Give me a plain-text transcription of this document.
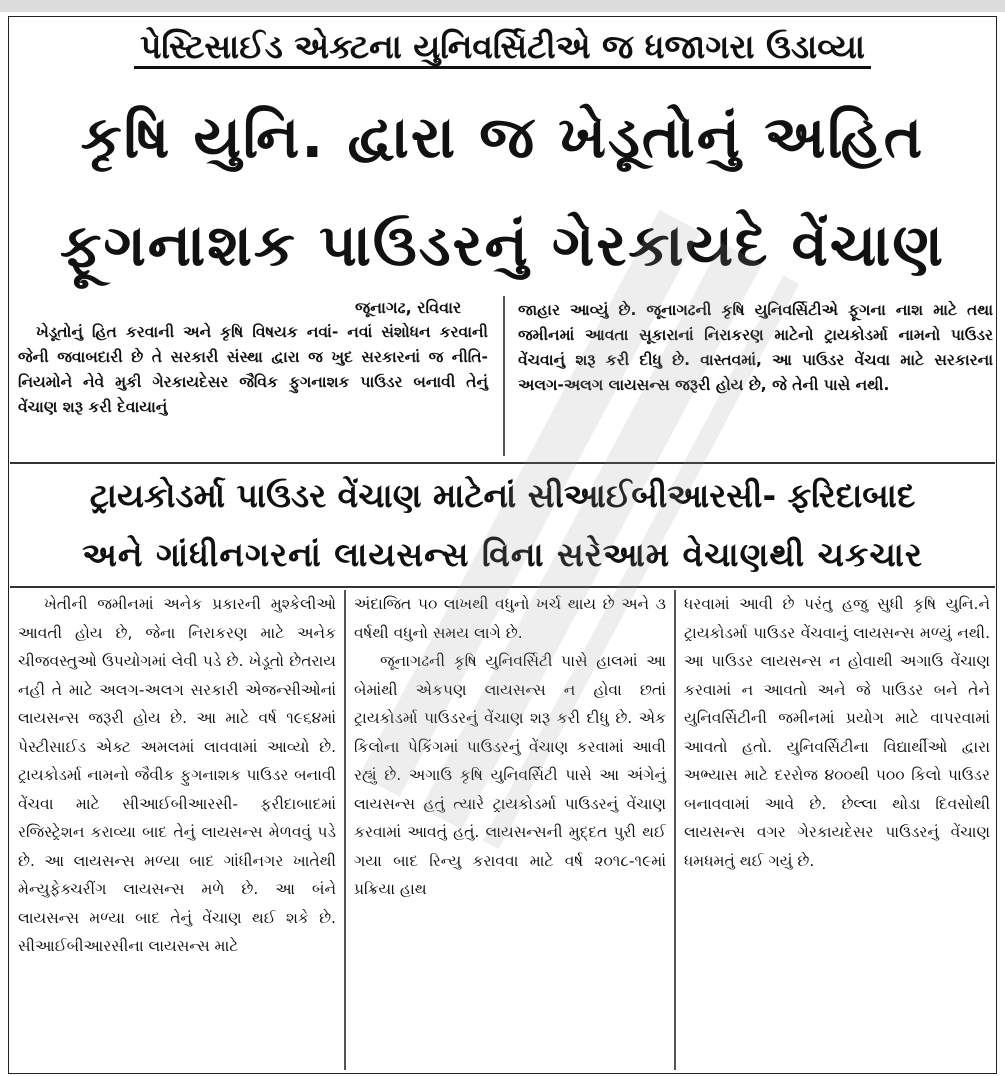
પેસ્ટિસાઈડ એક્ટના યુનિવર્સિટીએ જ ધજાગરા ઉડાવ્યા
કૃષિ યુનિ. દ્વારા જ ખેડૂતોનું અહિત
ફૂગનાશક પાઉડરનું ગેરકાયદે વેંચાણ
જૂનાગઢ, રવિવાર

ખેડૂતોનું હિત કરવાની અને કૃષિ વિષયક નવાં- નવાં સંશોધન કરવાની જેની જવાબદારી છે તે સરકારી સંસ્થા દ્વારા જ ખુદ સરકારનાં જ નીતિ- નિયમોને નેવે મુકી ગેરકાયદેસર જૈવિક ફુગનાશક પાઉડર બનાવી તેનું વેંચાણ શરૂ કરી દેવાયાનું

જાહાર આવ્યું છે. જૂનાગઢની કૃષિ યુનિવર્સિટીએ ફૂગના નાશ માટે તથા જમીનમાં આવતા સૂકારાનાં નિરાકરણ માટેનો ટ્રાયકોડર્મા નામનો પાઉડર વેંચવાનું શરૂ કરી દીધુ છે. વાસ્તવમાં, આ પાઉડર વેંચવા માટે સરકારના અલગ-અલગ લાયસન્સ જરૂરી હોય છે, જે તેની પાસે નથી.

ટ્રાયકોડર્મા પાઉડર વેંચાણ માટેનાં સીઆઈબીઆરસી- ફરિદાબાદ
અને ગાંધીનગરનાં લાયસન્સ વિના સરેઆમ વેચાણથી ચકચાર

ખેતીની જમીનમાં અનેક પ્રકારની મુશ્કેલીઓ આવતી હોય છે, જેના નિરાકરણ માટે અનેક ચીજવસ્તુઓ ઉપયોગમાં લેવી પડે છે. ખેડૂતો છેતરાય નહી તે માટે અલગ-અલગ સરકારી એજન્સીઓનાં લાયસન્સ જરૂરી હોય છે. આ માટે વર્ષ ૧૯૬૪માં પેસ્ટીસાઈડ એક્ટ અમલમાં લાવવામાં આવ્યો છે. ટ્રાયકોડર્મા નામનો જૈવીક ફુગનાશક પાઉડર બનાવી વેંચવા માટે સીઆઈબીઆરસી- ફરીદાબાદમાં રજિસ્ટ્રેશન કરાવ્યા બાદ તેનું લાયસન્સ મેળવવું પડે છે. આ લાયસન્સ મળ્યા બાદ ગાંધીનગર ખાતેથી મેન્યુફેક્ચરીંગ લાયસન્સ મળે છે. આ બંને લાયસન્સ મળ્યા બાદ તેનું વેંચાણ થઈ શકે છે. સીઆઈબીઆરસીના લાયસન્સ માટે

અંદાજિત ૫૦ લાખથી વધુનો ખર્ચ થાય છે અને ૩ વર્ષથી વધુનો સમય લાગે છે.

જૂનાગઢની કૃષિ યુનિવર્સિટી પાસે હાલમાં આ બેમાંથી એકપણ લાયસન્સ ન હોવા છતાં ટ્રાયકોડર્મા પાઉડરનું વેંચાણ શરૂ કરી દીધુ છે. એક કિલોના પેકિંગમાં પાઉડરનું વેંચાણ કરવામાં આવી રહ્યું છે. અગાઉ કૃષિ યુનિવર્સિટી પાસે આ અંગેનું લાયસન્સ હતું ત્યારે ટ્રાયકોડર્મા પાઉડરનું વેંચાણ કરવામાં આવતું હતું. લાયસન્સની મુદ્દત પુરી થઈ ગયા બાદ રિન્યુ કરાવવા માટે વર્ષ ૨૦૧૮-૧૯માં પ્રક્રિયા હાથ

ધરવામાં આવી છે પરંતુ હજુ સુધી કૃષિ યુનિ.ને ટ્રાયકોડર્મા પાઉડર વેંચવાનું લાયસન્સ મળ્યું નથી. આ પાઉડર લાયસન્સ ન હોવાથી અગાઉ વેંચાણ કરવામાં ન આવતો અને જે પાઉડર બને તેને યુનિવર્સિટીની જમીનમાં પ્રયોગ માટે વાપરવામાં આવતો હતો. યુનિવર્સિટીના વિદ્યાર્થીઓ દ્વારા અભ્યાસ માટે દરરોજ ૪૦૦થી ૫૦૦ કિલો પાઉડર બનાવવામાં આવે છે. છેલ્લા થોડા દિવસોથી લાયસન્સ વગર ગેરકાયદેસર પાઉડરનું વેંચાણ ધમધમતું થઈ ગયું છે.
